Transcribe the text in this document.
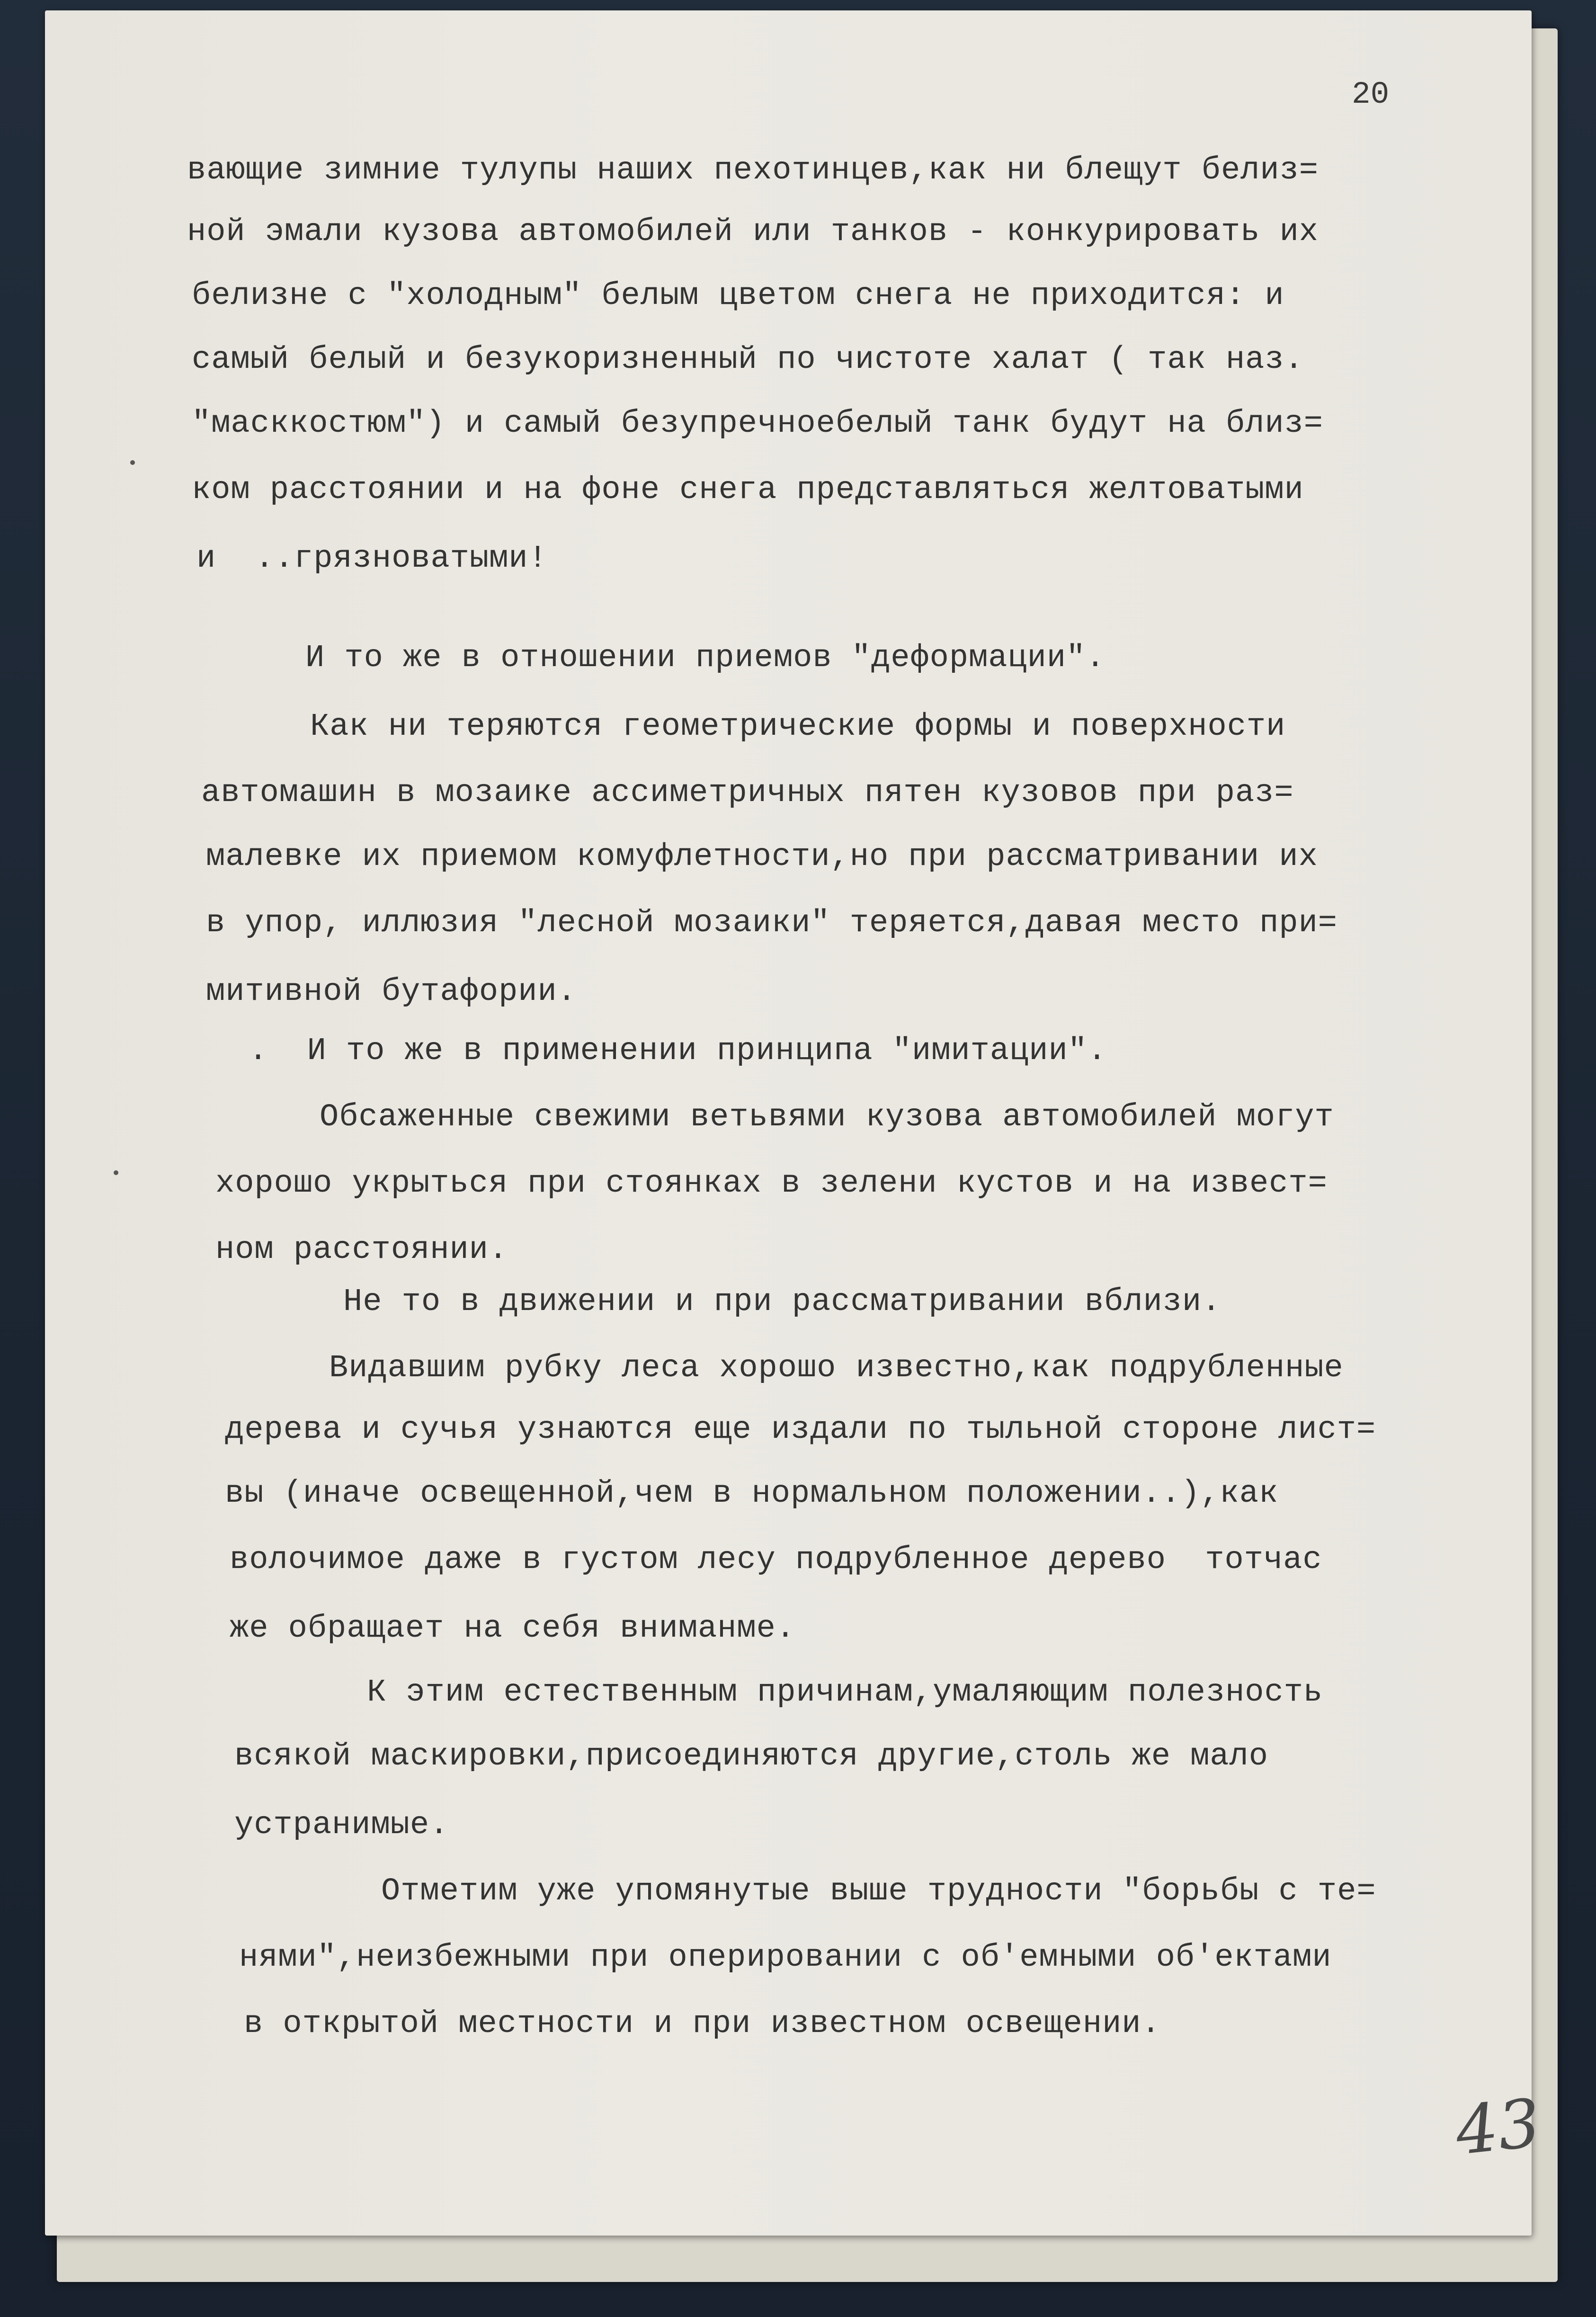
20

вающие зимние тулупы наших пехотинцев,как ни блещут белиз=

ной эмали кузова автомобилей или танков - конкурировать их

белизне с "холодным" белым цветом снега не приходится: и

самый белый и безукоризненный по чистоте халат ( так наз.

"масккостюм") и самый безупречноебелый танк будут на близ=

ком расстоянии и на фоне снега представляться желтоватыми

и  ..грязноватыми!

И то же в отношении приемов "деформации".

Как ни теряются геометрические формы и поверхности

автомашин в мозаике ассиметричных пятен кузовов при раз=

малевке их приемом комуфлетности,но при рассматривании их

в упор, иллюзия "лесной мозаики" теряется,давая место при=

митивной бутафории.

.  И то же в применении принципа "имитации".

Обсаженные свежими ветьвями кузова автомобилей могут

хорошо укрыться при стоянках в зелени кустов и на извест=

ном расстоянии.

Не то в движении и при рассматривании вблизи.

Видавшим рубку леса хорошо известно,как подрубленные

дерева и сучья узнаются еще издали по тыльной стороне лист=

вы (иначе освещенной,чем в нормальном положении..),как

волочимое даже в густом лесу подрубленное дерево  тотчас

же обращает на себя вниманме.

К этим естественным причинам,умаляющим полезность

всякой маскировки,присоединяются другие,столь же мало

устранимые.

Отметим уже упомянутые выше трудности "борьбы с те=

нями",неизбежными при оперировании с об'емными об'ектами

в открытой местности и при известном освещении.

43
